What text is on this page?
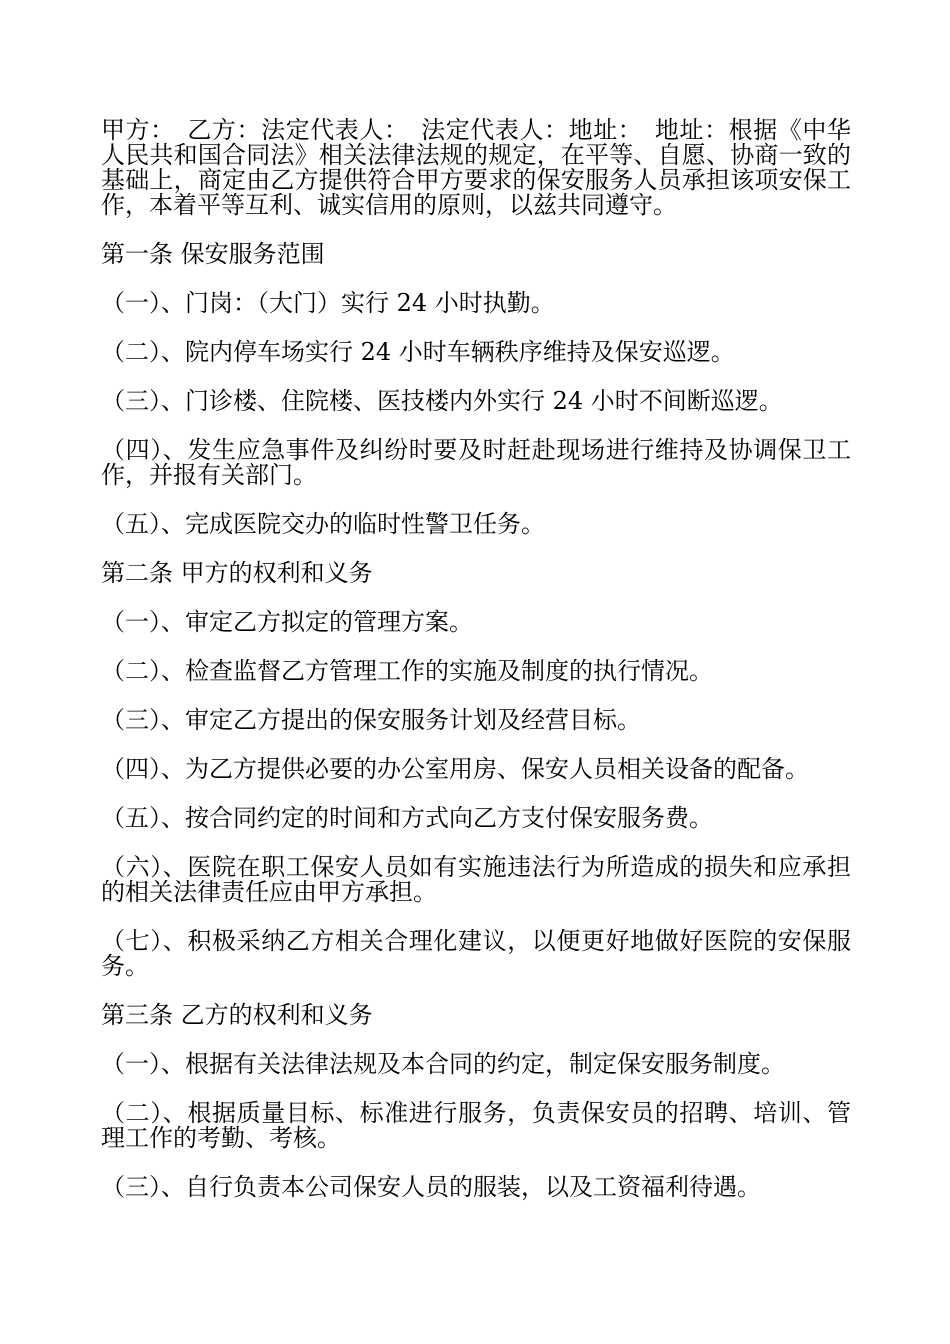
甲方：　乙方：法定代表人：　法定代表人：地址：　地址：根据《中华人民共和国合同法》相关法律法规的规定，在平等、自愿、协商一致的基础上，商定由乙方提供符合甲方要求的保安服务人员承担该项安保工作，本着平等互利、诚实信用的原则，以兹共同遵守。

第一条 保安服务范围

（一）、门岗：（大门）实行 24 小时执勤。

（二）、院内停车场实行 24 小时车辆秩序维持及保安巡逻。

（三）、门诊楼、住院楼、医技楼内外实行 24 小时不间断巡逻。

（四）、发生应急事件及纠纷时要及时赶赴现场进行维持及协调保卫工作，并报有关部门。

（五）、完成医院交办的临时性警卫任务。

第二条 甲方的权利和义务

（一）、审定乙方拟定的管理方案。

（二）、检查监督乙方管理工作的实施及制度的执行情况。

（三）、审定乙方提出的保安服务计划及经营目标。

（四）、为乙方提供必要的办公室用房、保安人员相关设备的配备。

（五）、按合同约定的时间和方式向乙方支付保安服务费。

（六）、医院在职工保安人员如有实施违法行为所造成的损失和应承担的相关法律责任应由甲方承担。

（七）、积极采纳乙方相关合理化建议，以便更好地做好医院的安保服务。

第三条 乙方的权利和义务

（一）、根据有关法律法规及本合同的约定，制定保安服务制度。

（二）、根据质量目标、标准进行服务，负责保安员的招聘、培训、管理工作的考勤、考核。

（三）、自行负责本公司保安人员的服装，以及工资福利待遇。
